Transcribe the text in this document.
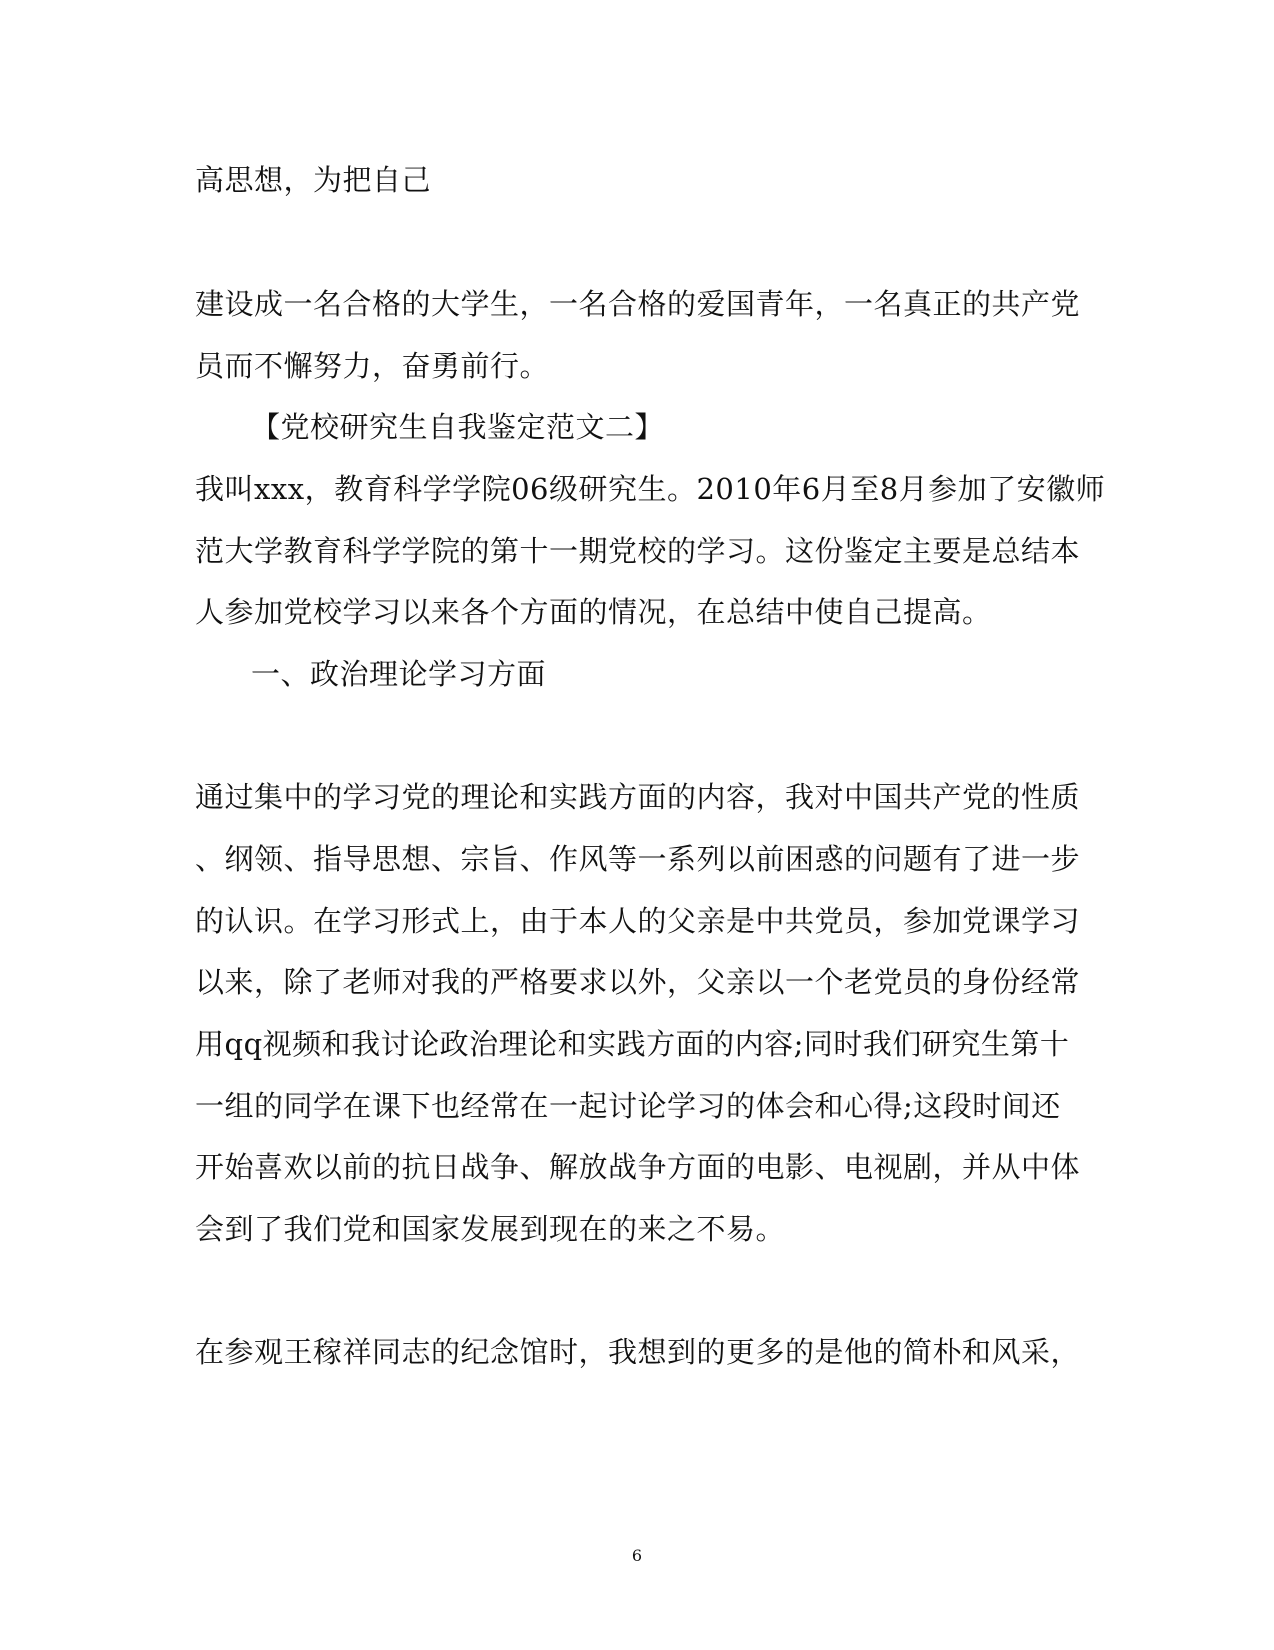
高思想，为把自己
建设成一名合格的大学生，一名合格的爱国青年，一名真正的共产党
员而不懈努力，奋勇前行。
【党校研究生自我鉴定范文二】
我叫xxx，教育科学学院06级研究生。2010年6月至8月参加了安徽师
范大学教育科学学院的第十一期党校的学习。这份鉴定主要是总结本
人参加党校学习以来各个方面的情况，在总结中使自己提高。
一、政治理论学习方面
通过集中的学习党的理论和实践方面的内容，我对中国共产党的性质
、纲领、指导思想、宗旨、作风等一系列以前困惑的问题有了进一步
的认识。在学习形式上，由于本人的父亲是中共党员，参加党课学习
以来，除了老师对我的严格要求以外，父亲以一个老党员的身份经常
用qq视频和我讨论政治理论和实践方面的内容;同时我们研究生第十
一组的同学在课下也经常在一起讨论学习的体会和心得;这段时间还
开始喜欢以前的抗日战争、解放战争方面的电影、电视剧，并从中体
会到了我们党和国家发展到现在的来之不易。
在参观王稼祥同志的纪念馆时，我想到的更多的是他的简朴和风采，
6
